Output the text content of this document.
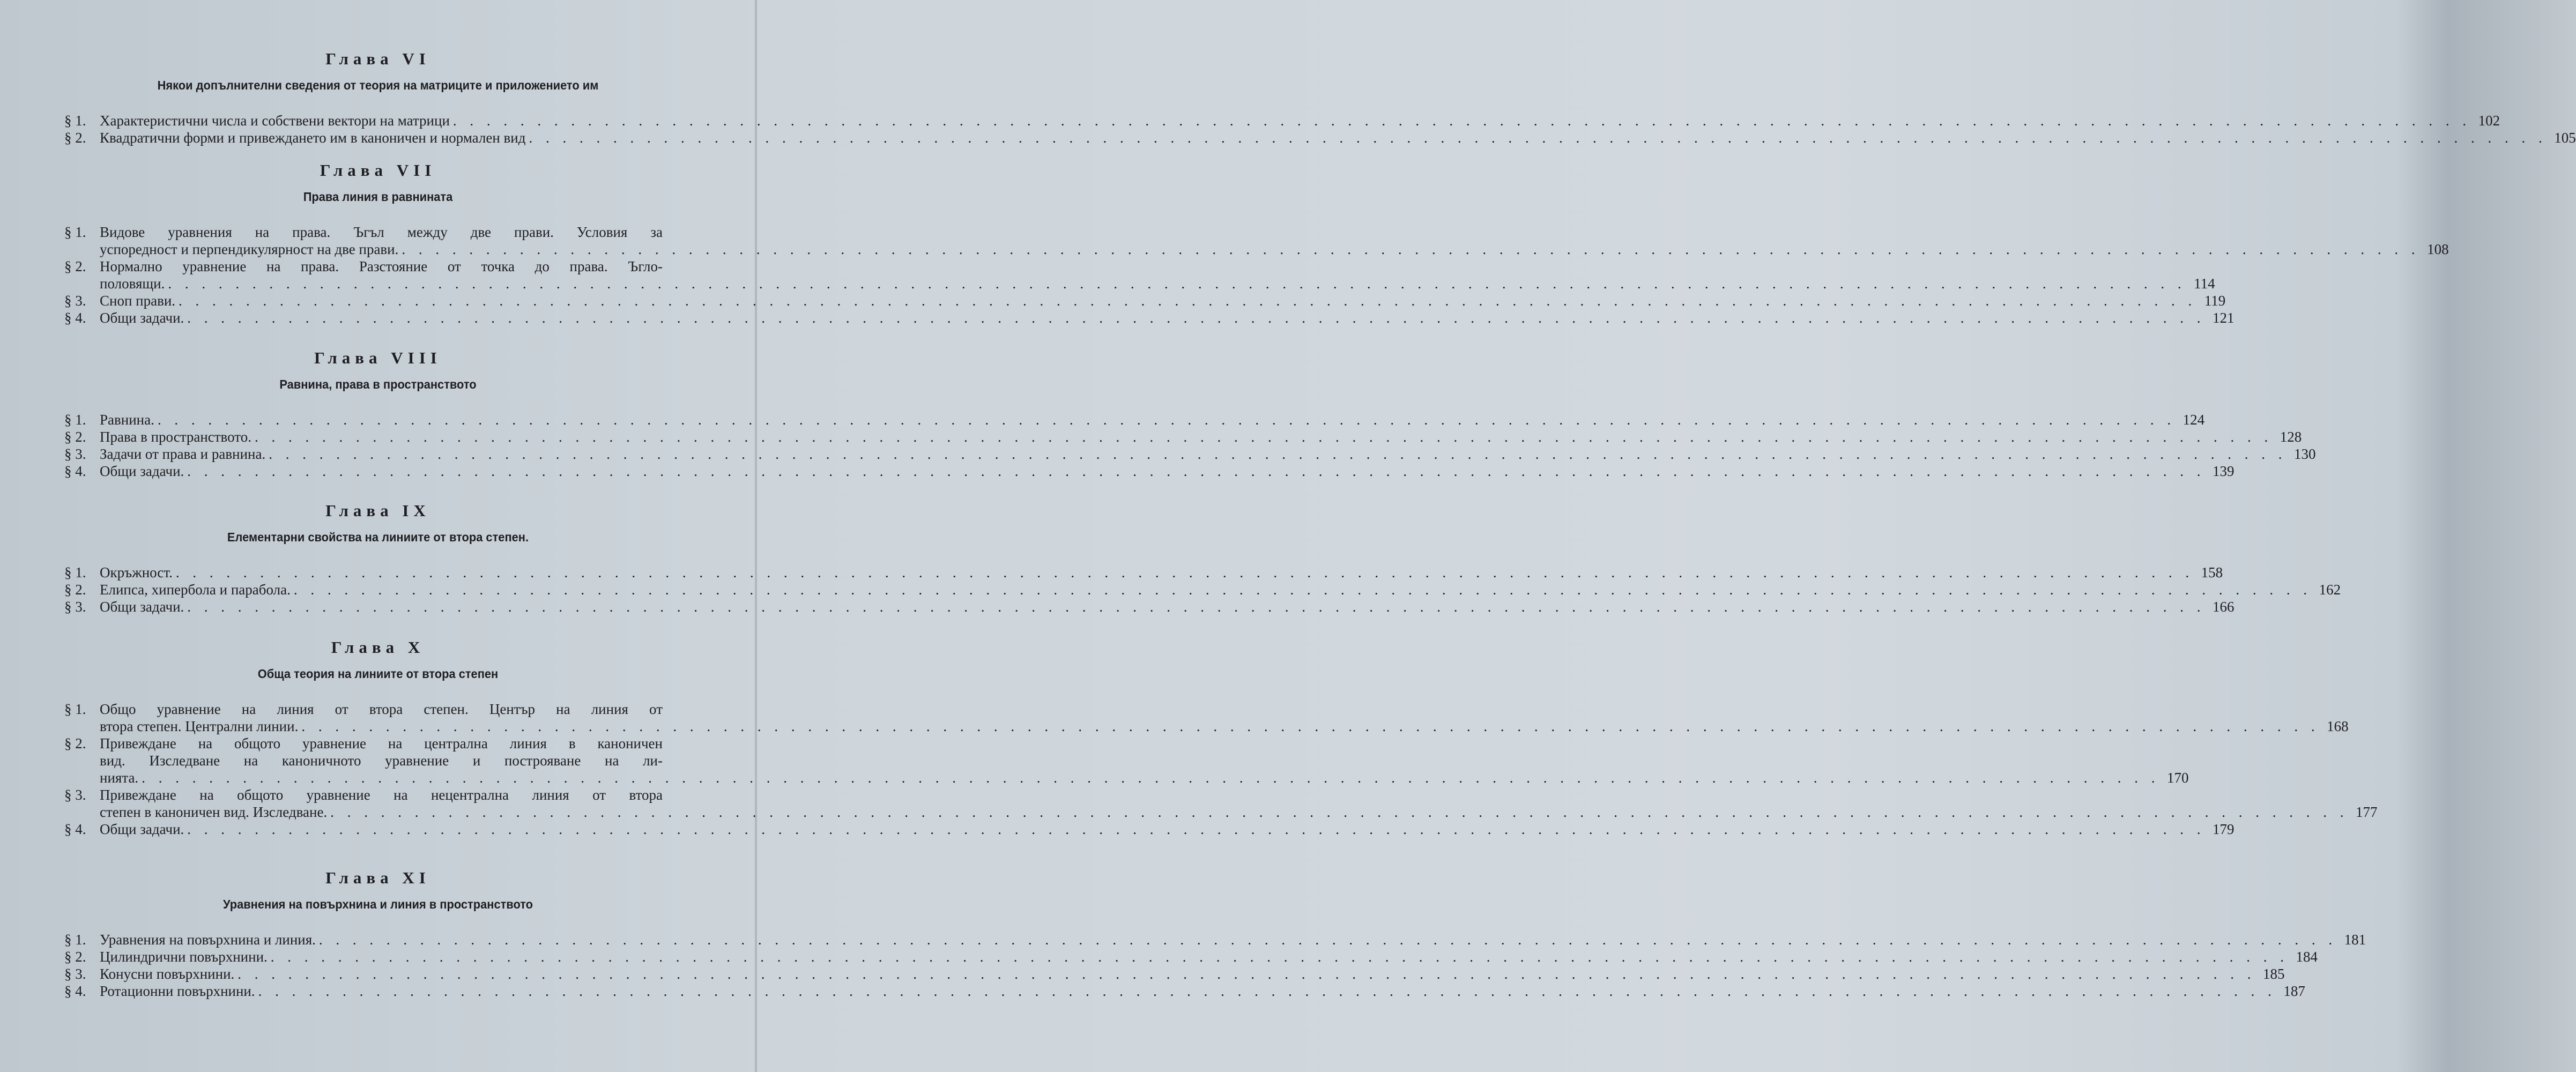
Глава VI
Някои допълнителни сведения от теория на матриците и приложението им
§ 1. Характеристични числа и собствени вектори на матрици . . . . . . . . . . . . . . . . . . . . . . . . . . . . . . . . . . . . . . . . . . . . . . . . . . . . . . . . . . . . . . . . . . . . . . . . . . . . . . . . . . . . . . . . . . . . . . . . . . . . . . . . . . . . . . . . . . . . . . . . 102
§ 2. Квадратични форми и привеждането им в каноничен и нормален вид . . . . . . . . . . . . . . . . . . . . . . . . . . . . . . . . . . . . . . . . . . . . . . . . . . . . . . . . . . . . . . . . . . . . . . . . . . . . . . . . . . . . . . . . . . . . . . . . . . . . . . . . . . . . . . . . . . . . . . . . 105
Глава VII
Права линия в равнината
§ 1. Видове уравнения на права. Ъгъл между две прави. Условия за
успоредност и перпендикулярност на две прави. . . . . . . . . . . . . . . . . . . . . . . . . . . . . . . . . . . . . . . . . . . . . . . . . . . . . . . . . . . . . . . . . . . . . . . . . . . . . . . . . . . . . . . . . . . . . . . . . . . . . . . . . . . . . . . . . . . . . . . . . 108
§ 2. Нормално уравнение на права. Разстояние от точка до права. Ъгло-
половящи. . . . . . . . . . . . . . . . . . . . . . . . . . . . . . . . . . . . . . . . . . . . . . . . . . . . . . . . . . . . . . . . . . . . . . . . . . . . . . . . . . . . . . . . . . . . . . . . . . . . . . . . . . . . . . . . . . . . . . . . . 114
§ 3. Сноп прави. . . . . . . . . . . . . . . . . . . . . . . . . . . . . . . . . . . . . . . . . . . . . . . . . . . . . . . . . . . . . . . . . . . . . . . . . . . . . . . . . . . . . . . . . . . . . . . . . . . . . . . . . . . . . . . . . . . . . . . . . 119
§ 4. Общи задачи. . . . . . . . . . . . . . . . . . . . . . . . . . . . . . . . . . . . . . . . . . . . . . . . . . . . . . . . . . . . . . . . . . . . . . . . . . . . . . . . . . . . . . . . . . . . . . . . . . . . . . . . . . . . . . . . . . . . . . . . . 121
Глава VIII
Равнина, права в пространството
§ 1. Равнина. . . . . . . . . . . . . . . . . . . . . . . . . . . . . . . . . . . . . . . . . . . . . . . . . . . . . . . . . . . . . . . . . . . . . . . . . . . . . . . . . . . . . . . . . . . . . . . . . . . . . . . . . . . . . . . . . . . . . . . . . 124
§ 2. Права в пространството. . . . . . . . . . . . . . . . . . . . . . . . . . . . . . . . . . . . . . . . . . . . . . . . . . . . . . . . . . . . . . . . . . . . . . . . . . . . . . . . . . . . . . . . . . . . . . . . . . . . . . . . . . . . . . . . . . . . . . . . . 128
§ 3. Задачи от права и равнина. . . . . . . . . . . . . . . . . . . . . . . . . . . . . . . . . . . . . . . . . . . . . . . . . . . . . . . . . . . . . . . . . . . . . . . . . . . . . . . . . . . . . . . . . . . . . . . . . . . . . . . . . . . . . . . . . . . . . . . . . 130
§ 4. Общи задачи. . . . . . . . . . . . . . . . . . . . . . . . . . . . . . . . . . . . . . . . . . . . . . . . . . . . . . . . . . . . . . . . . . . . . . . . . . . . . . . . . . . . . . . . . . . . . . . . . . . . . . . . . . . . . . . . . . . . . . . . . 139
Глава IX
Елементарни свойства на линиите от втора степен.
§ 1. Окръжност. . . . . . . . . . . . . . . . . . . . . . . . . . . . . . . . . . . . . . . . . . . . . . . . . . . . . . . . . . . . . . . . . . . . . . . . . . . . . . . . . . . . . . . . . . . . . . . . . . . . . . . . . . . . . . . . . . . . . . . . . 158
§ 2. Елипса, хипербола и парабола. . . . . . . . . . . . . . . . . . . . . . . . . . . . . . . . . . . . . . . . . . . . . . . . . . . . . . . . . . . . . . . . . . . . . . . . . . . . . . . . . . . . . . . . . . . . . . . . . . . . . . . . . . . . . . . . . . . . . . . . . 162
§ 3. Общи задачи. . . . . . . . . . . . . . . . . . . . . . . . . . . . . . . . . . . . . . . . . . . . . . . . . . . . . . . . . . . . . . . . . . . . . . . . . . . . . . . . . . . . . . . . . . . . . . . . . . . . . . . . . . . . . . . . . . . . . . . . . 166
Глава X
Обща теория на линиите от втора степен
§ 1. Общо уравнение на линия от втора степен. Център на линия от
втора степен. Централни линии. . . . . . . . . . . . . . . . . . . . . . . . . . . . . . . . . . . . . . . . . . . . . . . . . . . . . . . . . . . . . . . . . . . . . . . . . . . . . . . . . . . . . . . . . . . . . . . . . . . . . . . . . . . . . . . . . . . . . . . . . 168
§ 2. Привеждане на общото уравнение на централна линия в каноничен
вид. Изследване на каноничното уравнение и построяване на ли-
нията. . . . . . . . . . . . . . . . . . . . . . . . . . . . . . . . . . . . . . . . . . . . . . . . . . . . . . . . . . . . . . . . . . . . . . . . . . . . . . . . . . . . . . . . . . . . . . . . . . . . . . . . . . . . . . . . . . . . . . . . . 170
§ 3. Привеждане на общото уравнение на нецентрална линия от втора
степен в каноничен вид. Изследване. . . . . . . . . . . . . . . . . . . . . . . . . . . . . . . . . . . . . . . . . . . . . . . . . . . . . . . . . . . . . . . . . . . . . . . . . . . . . . . . . . . . . . . . . . . . . . . . . . . . . . . . . . . . . . . . . . . . . . . . . 177
§ 4. Общи задачи. . . . . . . . . . . . . . . . . . . . . . . . . . . . . . . . . . . . . . . . . . . . . . . . . . . . . . . . . . . . . . . . . . . . . . . . . . . . . . . . . . . . . . . . . . . . . . . . . . . . . . . . . . . . . . . . . . . . . . . . . 179
Глава XI
Уравнения на повърхнина и линия в пространството
§ 1. Уравнения на повърхнина и линия. . . . . . . . . . . . . . . . . . . . . . . . . . . . . . . . . . . . . . . . . . . . . . . . . . . . . . . . . . . . . . . . . . . . . . . . . . . . . . . . . . . . . . . . . . . . . . . . . . . . . . . . . . . . . . . . . . . . . . . . . 181
§ 2. Цилиндрични повърхнини. . . . . . . . . . . . . . . . . . . . . . . . . . . . . . . . . . . . . . . . . . . . . . . . . . . . . . . . . . . . . . . . . . . . . . . . . . . . . . . . . . . . . . . . . . . . . . . . . . . . . . . . . . . . . . . . . . . . . . . . . 184
§ 3. Конусни повърхнини. . . . . . . . . . . . . . . . . . . . . . . . . . . . . . . . . . . . . . . . . . . . . . . . . . . . . . . . . . . . . . . . . . . . . . . . . . . . . . . . . . . . . . . . . . . . . . . . . . . . . . . . . . . . . . . . . . . . . . . . . 185
§ 4. Ротационни повърхнини. . . . . . . . . . . . . . . . . . . . . . . . . . . . . . . . . . . . . . . . . . . . . . . . . . . . . . . . . . . . . . . . . . . . . . . . . . . . . . . . . . . . . . . . . . . . . . . . . . . . . . . . . . . . . . . . . . . . . . . . . 187
